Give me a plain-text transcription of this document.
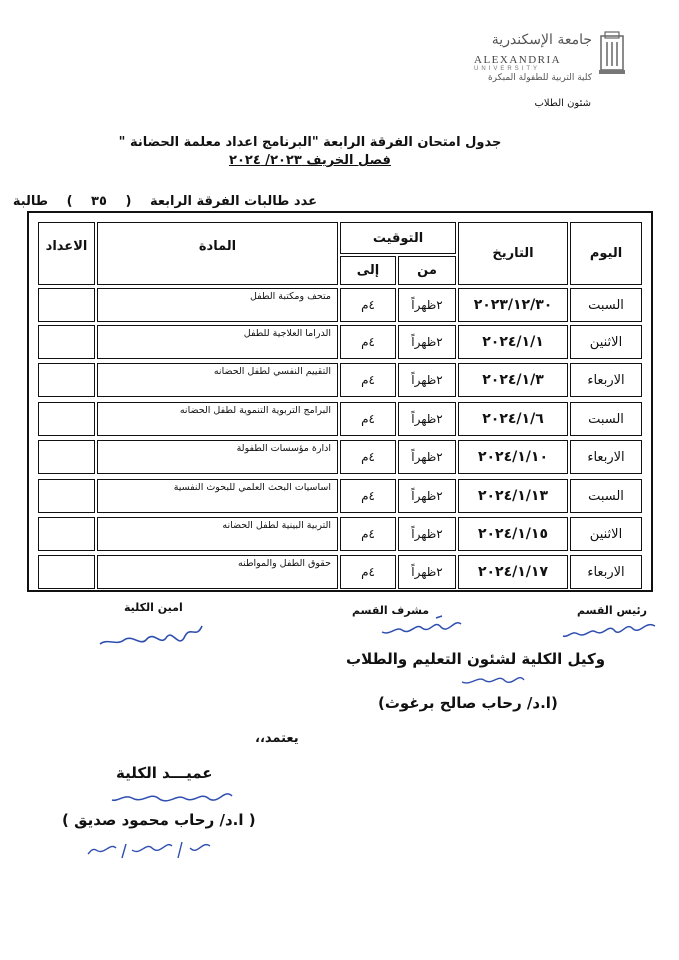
جامعة الإسكندرية
ALEXANDRIA
UNIVERSITY
كلية التربية للطفولة المبكرة
شئون الطلاب
جدول امتحان الفرقة الرابعة "البرنامج اعداد معلمة الحضانة "
فصل الخريف ٢٠٢٣/ ٢٠٢٤
عدد طالبات الفرقة الرابعة ( ٣٥ ) طالبة
اليوم
التاريخ
التوقيت
من
إلى
المادة
الاعداد
السبت
٢٠٢٣/١٢/٣٠
٢ظهراً
٤م
متحف ومكتبة الطفل
الاثنين
٢٠٢٤/١/١
٢ظهراً
٤م
الدراما العلاجية للطفل
الاربعاء
٢٠٢٤/١/٣
٢ظهراً
٤م
التقييم النفسي لطفل الحضانه
السبت
٢٠٢٤/١/٦
٢ظهراً
٤م
البرامج التربوية التنموية لطفل الحضانه
الاربعاء
٢٠٢٤/١/١٠
٢ظهراً
٤م
ادارة مؤسسات الطفولة
السبت
٢٠٢٤/١/١٣
٢ظهراً
٤م
اساسيات البحث العلمي للبحوث النفسية
الاثنين
٢٠٢٤/١/١٥
٢ظهراً
٤م
التربية البينية لطفل الحضانه
الاربعاء
٢٠٢٤/١/١٧
٢ظهراً
٤م
حقوق الطفل والمواطنه
رئيس القسم
مشرف القسم
امين الكلية
وكيل الكلية لشئون التعليم والطلاب
(ا.د/ رحاب صالح برغوث)
يعتمد،،
عميـــد الكلية
( ا.د/ رحاب محمود صديق )
